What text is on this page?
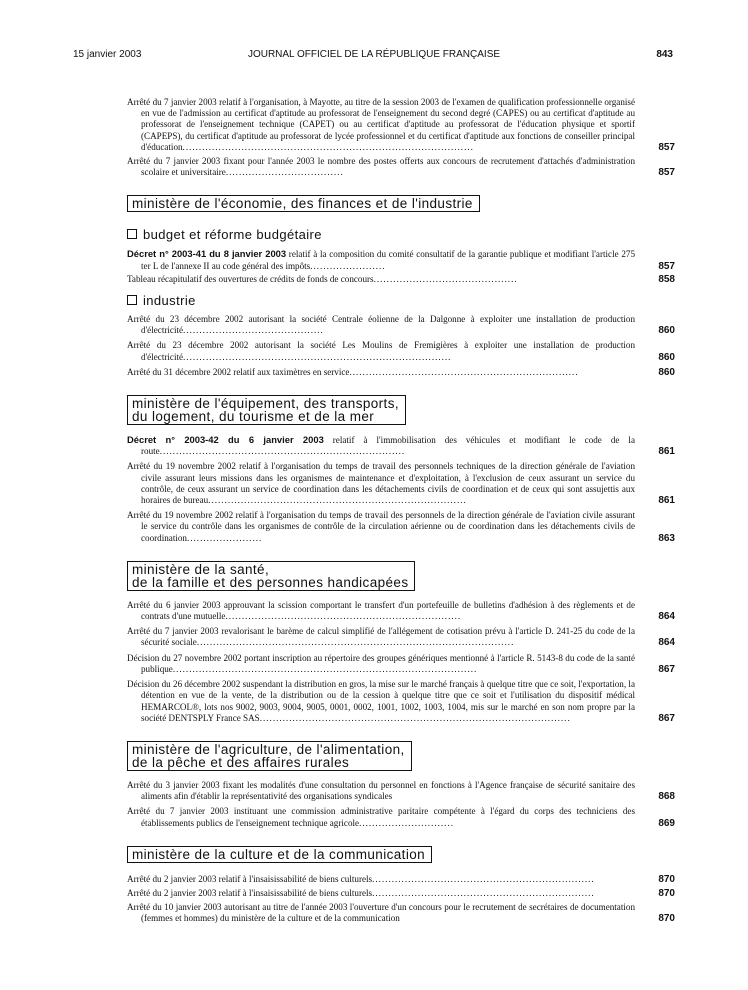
15 janvier 2003	JOURNAL OFFICIEL DE LA RÉPUBLIQUE FRANÇAISE	843
Arrêté du 7 janvier 2003 relatif à l'organisation, à Mayotte, au titre de la session 2003 de l'examen de qualification professionnelle organisé en vue de l'admission au certificat d'aptitude au professorat de l'enseignement du second degré (CAPES) ou au certificat d'aptitude au professorat de l'enseignement technique (CAPET) ou au certificat d'aptitude au professorat de l'éducation physique et sportif (CAPEPS), du certificat d'aptitude au professorat de lycée professionnel et du certificat d'aptitude aux fonctions de conseiller principal d'éducation.........................................................................................	857
Arrêté du 7 janvier 2003 fixant pour l'année 2003 le nombre des postes offerts aux concours de recrutement d'attachés d'administration scolaire et universitaire....................................	857
ministère de l'économie, des finances et de l'industrie
budget et réforme budgétaire
Décret n° 2003-41 du 8 janvier 2003 relatif à la composition du comité consultatif de la garantie publique et modifiant l'article 275 ter L de l'annexe II au code général des impôts.......................	857
Tableau récapitulatif des ouvertures de crédits de fonds de concours............................................	858
industrie
Arrêté du 23 décembre 2002 autorisant la société Centrale éolienne de la Dalgonne à exploiter une installation de production d'électricité...........................................	860
Arrêté du 23 décembre 2002 autorisant la société Les Moulins de Fremigières à exploiter une installation de production d'électricité..................................................................................	860
Arrêté du 31 décembre 2002 relatif aux taximètres en service......................................................................	860
ministère de l'équipement, des transports,
du logement, du tourisme et de la mer
Décret n° 2003-42 du 6 janvier 2003 relatif à l'immobilisation des véhicules et modifiant le code de la route...........................................................................	861
Arrêté du 19 novembre 2002 relatif à l'organisation du temps de travail des personnels techniques de la direction générale de l'aviation civile assurant leurs missions dans les organismes de maintenance et d'exploitation, à l'exclusion de ceux assurant un service du contrôle, de ceux assurant un service de coordination dans les détachements civils de coordination et de ceux qui sont assujettis aux horaires de bureau...............................................................................	861
Arrêté du 19 novembre 2002 relatif à l'organisation du temps de travail des personnels de la direction générale de l'aviation civile assurant le service du contrôle dans les organismes de contrôle de la circulation aérienne ou de coordination dans les détachements civils de coordination.......................	863
ministère de la santé,
de la famille et des personnes handicapées
Arrêté du 6 janvier 2003 approuvant la scission comportant le transfert d'un portefeuille de bulletins d'adhésion à des règlements et de contrats d'une mutuelle........................................................................	864
Arrêté du 7 janvier 2003 revalorisant le barème de calcul simplifié de l'allégement de cotisation prévu à l'article D. 241-25 du code de la sécurité sociale.................................................................................................	864
Décision du 27 novembre 2002 portant inscription au répertoire des groupes génériques mentionné à l'article R. 5143-8 du code de la santé publique.............................................................................................	867
Décision du 26 décembre 2002 suspendant la distribution en gros, la mise sur le marché français à quelque titre que ce soit, l'exportation, la détention en vue de la vente, de la distribution ou de la cession à quelque titre que ce soit et l'utilisation du dispositif médical HEMARCOL®, lots nos 9002, 9003, 9004, 9005, 0001, 0002, 1001, 1002, 1003, 1004, mis sur le marché en son nom propre par la société DENTSPLY France SAS...............................................................................................	867
ministère de l'agriculture, de l'alimentation,
de la pêche et des affaires rurales
Arrêté du 3 janvier 2003 fixant les modalités d'une consultation du personnel en fonctions à l'Agence française de sécurité sanitaire des aliments afin d'établir la représentativité des organisations syndicales	868
Arrêté du 7 janvier 2003 instituant une commission administrative paritaire compétente à l'égard du corps des techniciens des établissements publics de l'enseignement technique agricole.............................	869
ministère de la culture et de la communication
Arrêté du 2 janvier 2003 relatif à l'insaisissabilité de biens culturels....................................................................	870
Arrêté du 2 janvier 2003 relatif à l'insaisissabilité de biens culturels....................................................................	870
Arrêté du 10 janvier 2003 autorisant au titre de l'année 2003 l'ouverture d'un concours pour le recrutement de secrétaires de documentation (femmes et hommes) du ministère de la culture et de la communication	870
